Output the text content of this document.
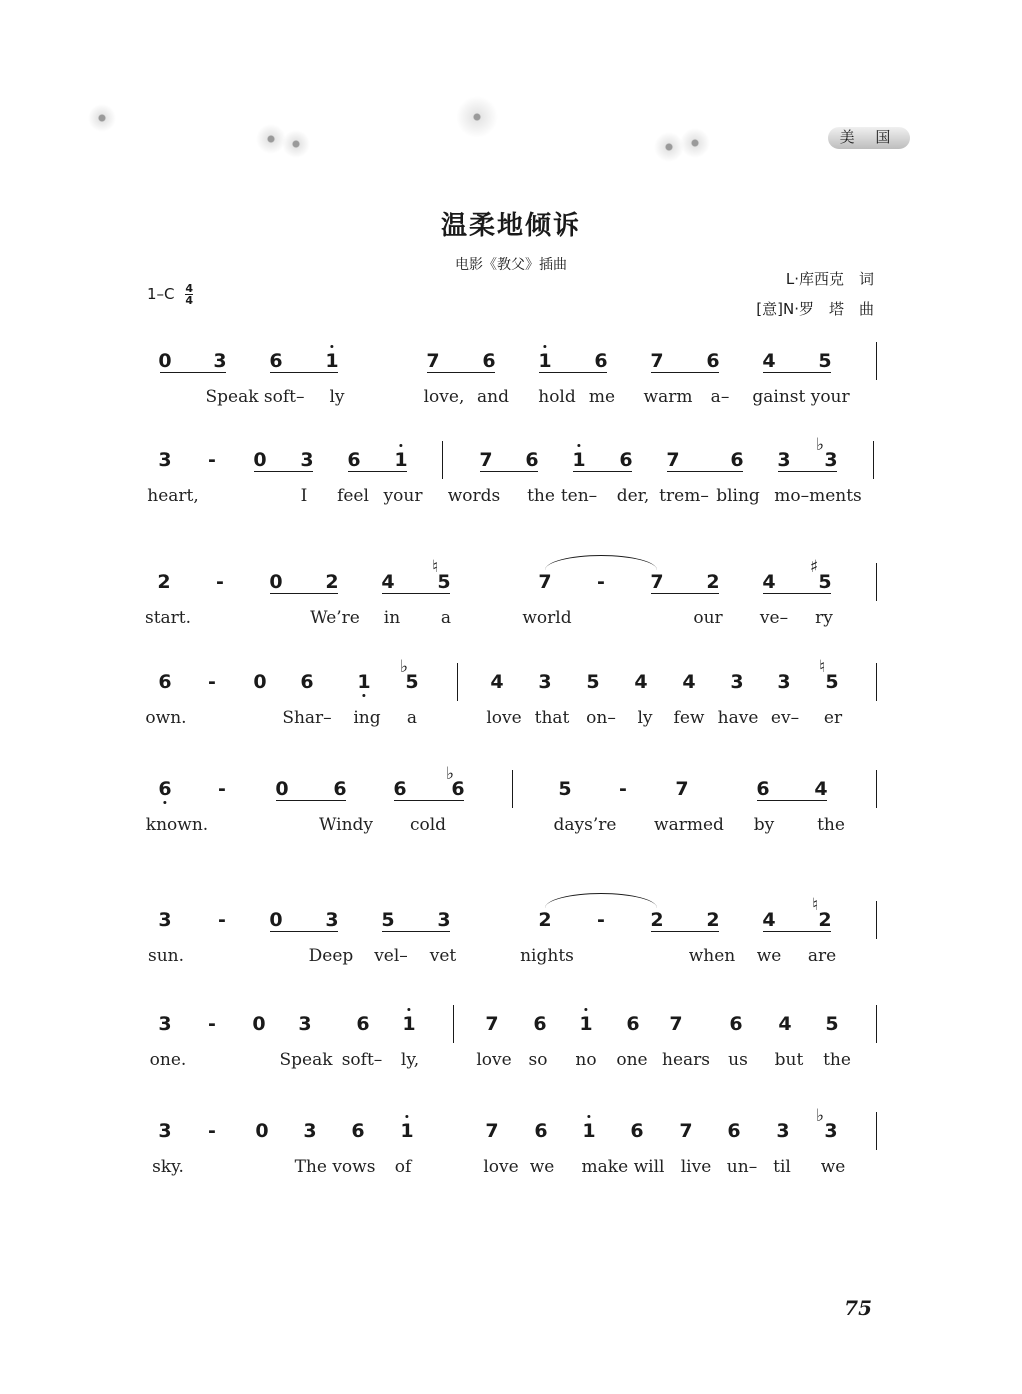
美 国
温柔地倾诉
电影《教父》插曲
L·库西克　词
[意]N·罗　塔　曲
$1-C \frac{4}{4}$
0 3 6 1	7 6 1 6 7 6 4 5
Speak soft– ly	love, and hold me warm a– gainst your
3 - 0 3 6 1	7 6 1 6 7	6 3 3
♭
heart,	I feel your words the ten– der, trem– bling mo–ments
2 - 0 2 4 5	7 - 7 2 4 5
♮	♯
start.	We’re in a	world	our ve– ry
6 - 0 6 1 5	4 3 5 4 4 3 3 5
♭	♮
own.	Shar– ing a	love that on– ly few have ev– er
6 -	0 6 6 6	5 -	7	6 4
♭
known.	Windy cold	days’re warmed by	the
3 - 0 3 5 3	2 - 2 2 4 2
♮
sun.	Deep vel– vet	nights	when we are
3 - 0 3 6 1	7 6 1 6 7 6 4 5
one.	Speak soft– ly,	love so no one hears us but the
3 - 0 3 6 1	7 6 1 6 7 6 3 3
♭
sky.	The vows of	love we make will live un– til we
75
